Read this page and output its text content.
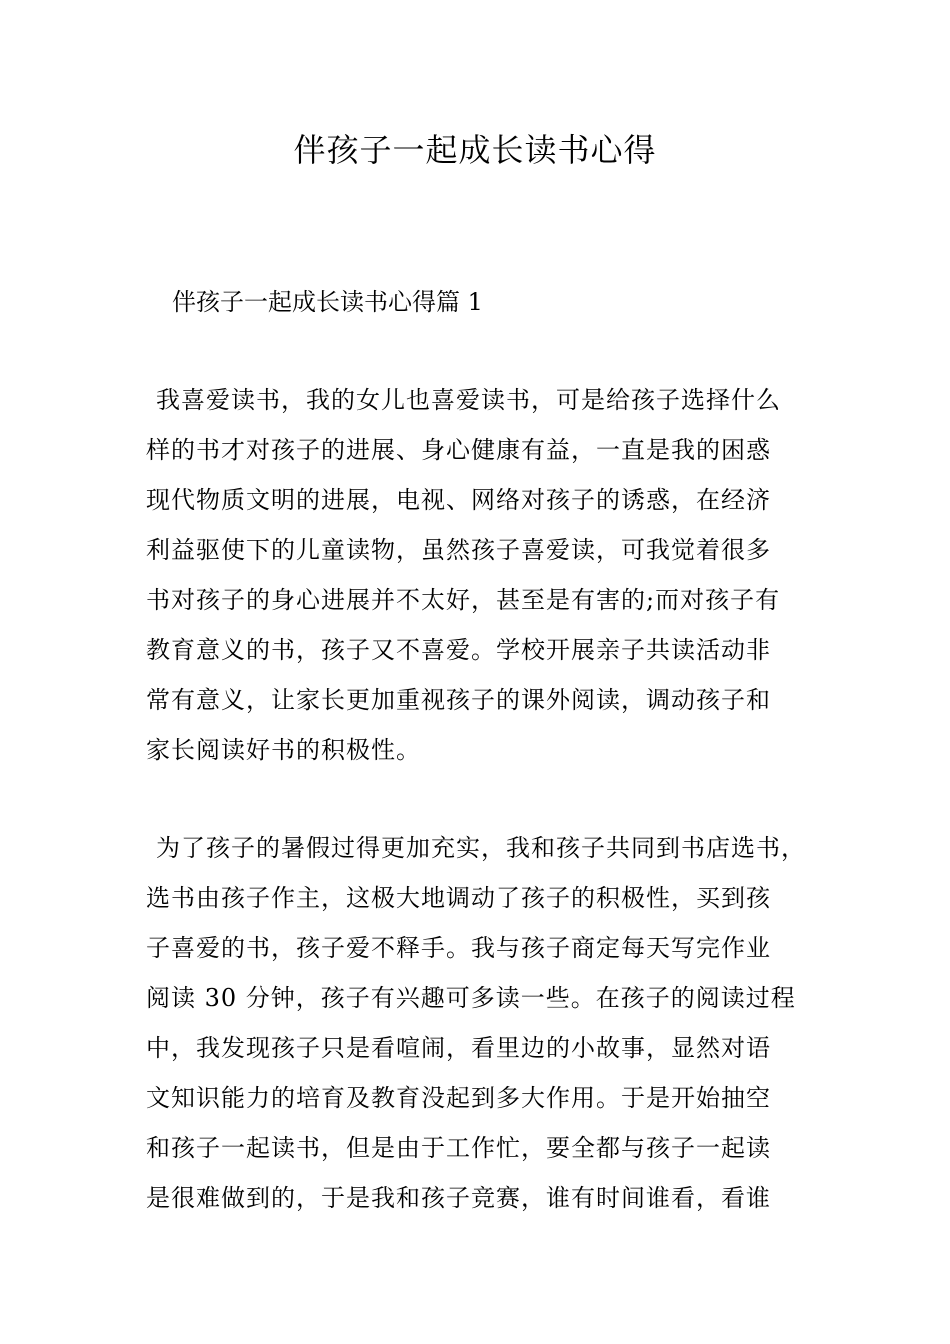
伴孩子一起成长读书心得
伴孩子一起成长读书心得篇 1
我喜爱读书，我的女儿也喜爱读书，可是给孩子选择什么
样的书才对孩子的进展、身心健康有益，一直是我的困惑
现代物质文明的进展，电视、网络对孩子的诱惑，在经济
利益驱使下的儿童读物，虽然孩子喜爱读，可我觉着很多
书对孩子的身心进展并不太好，甚至是有害的;而对孩子有
教育意义的书，孩子又不喜爱。学校开展亲子共读活动非
常有意义，让家长更加重视孩子的课外阅读，调动孩子和
家长阅读好书的积极性。
为了孩子的暑假过得更加充实，我和孩子共同到书店选书，
选书由孩子作主，这极大地调动了孩子的积极性，买到孩
子喜爱的书，孩子爱不释手。我与孩子商定每天写完作业
阅读 30 分钟，孩子有兴趣可多读一些。在孩子的阅读过程
中，我发现孩子只是看喧闹，看里边的小故事，显然对语
文知识能力的培育及教育没起到多大作用。于是开始抽空
和孩子一起读书，但是由于工作忙，要全都与孩子一起读
是很难做到的，于是我和孩子竞赛，谁有时间谁看，看谁
